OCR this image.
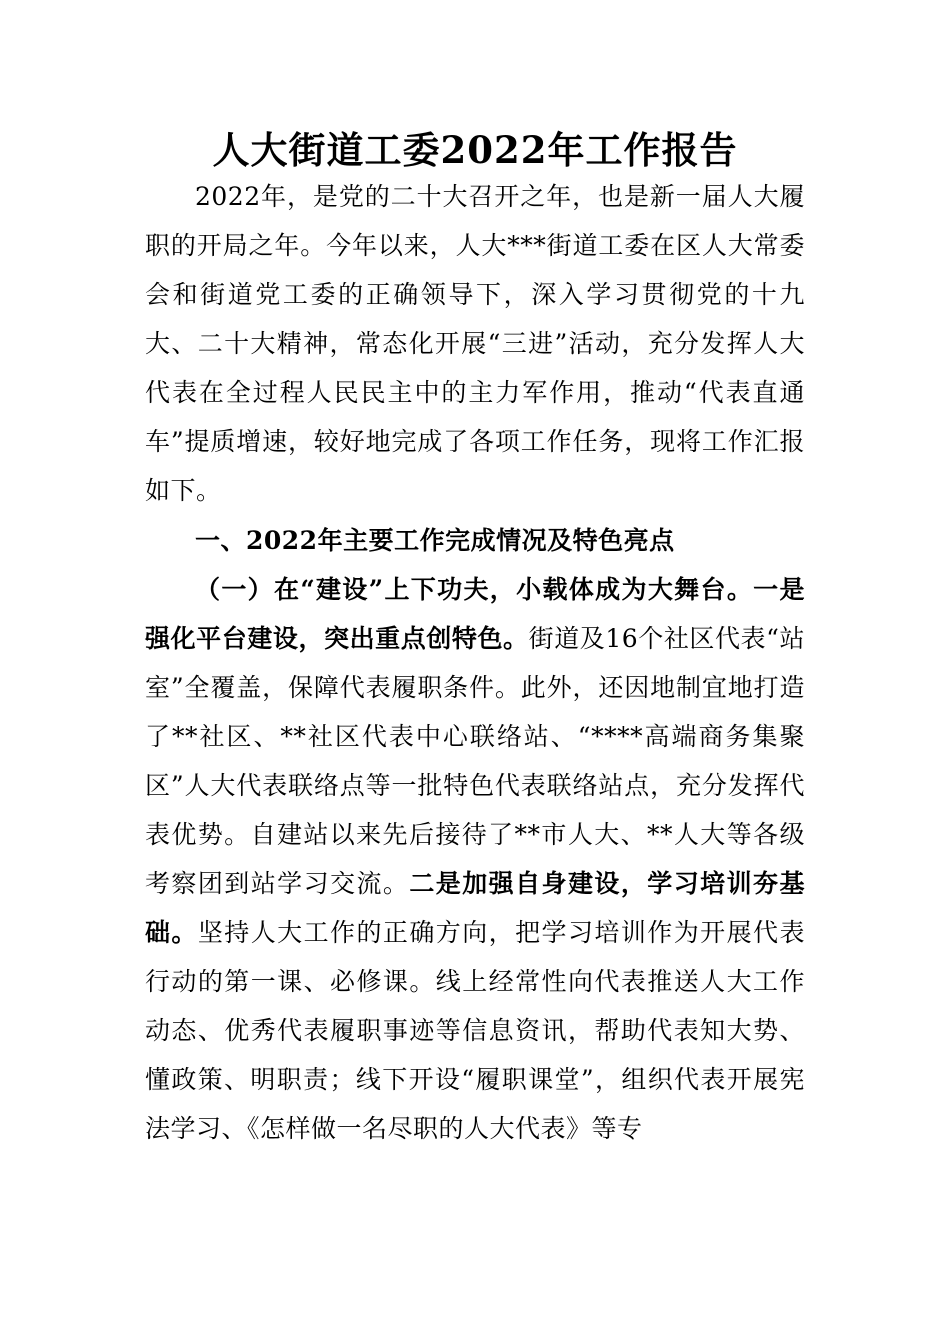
人大街道工委2022年工作报告

2022年，是党的二十大召开之年，也是新一届人大履职的开局之年。今年以来，人大***街道工委在区人大常委会和街道党工委的正确领导下，深入学习贯彻党的十九大、二十大精神，常态化开展“三进”活动，充分发挥人大代表在全过程人民民主中的主力军作用，推动“代表直通车”提质增速，较好地完成了各项工作任务，现将工作汇报如下。

一、2022年主要工作完成情况及特色亮点

（一）在“建设”上下功夫，小载体成为大舞台。一是强化平台建设，突出重点创特色。街道及16个社区代表“站室”全覆盖，保障代表履职条件。此外，还因地制宜地打造了**社区、**社区代表中心联络站、“****高端商务集聚区”人大代表联络点等一批特色代表联络站点，充分发挥代表优势。自建站以来先后接待了**市人大、**人大等各级考察团到站学习交流。二是加强自身建设，学习培训夯基础。坚持人大工作的正确方向，把学习培训作为开展代表行动的第一课、必修课。线上经常性向代表推送人大工作动态、优秀代表履职事迹等信息资讯，帮助代表知大势、懂政策、明职责；线下开设“履职课堂”，组织代表开展宪法学习、《怎样做一名尽职的人大代表》等专
